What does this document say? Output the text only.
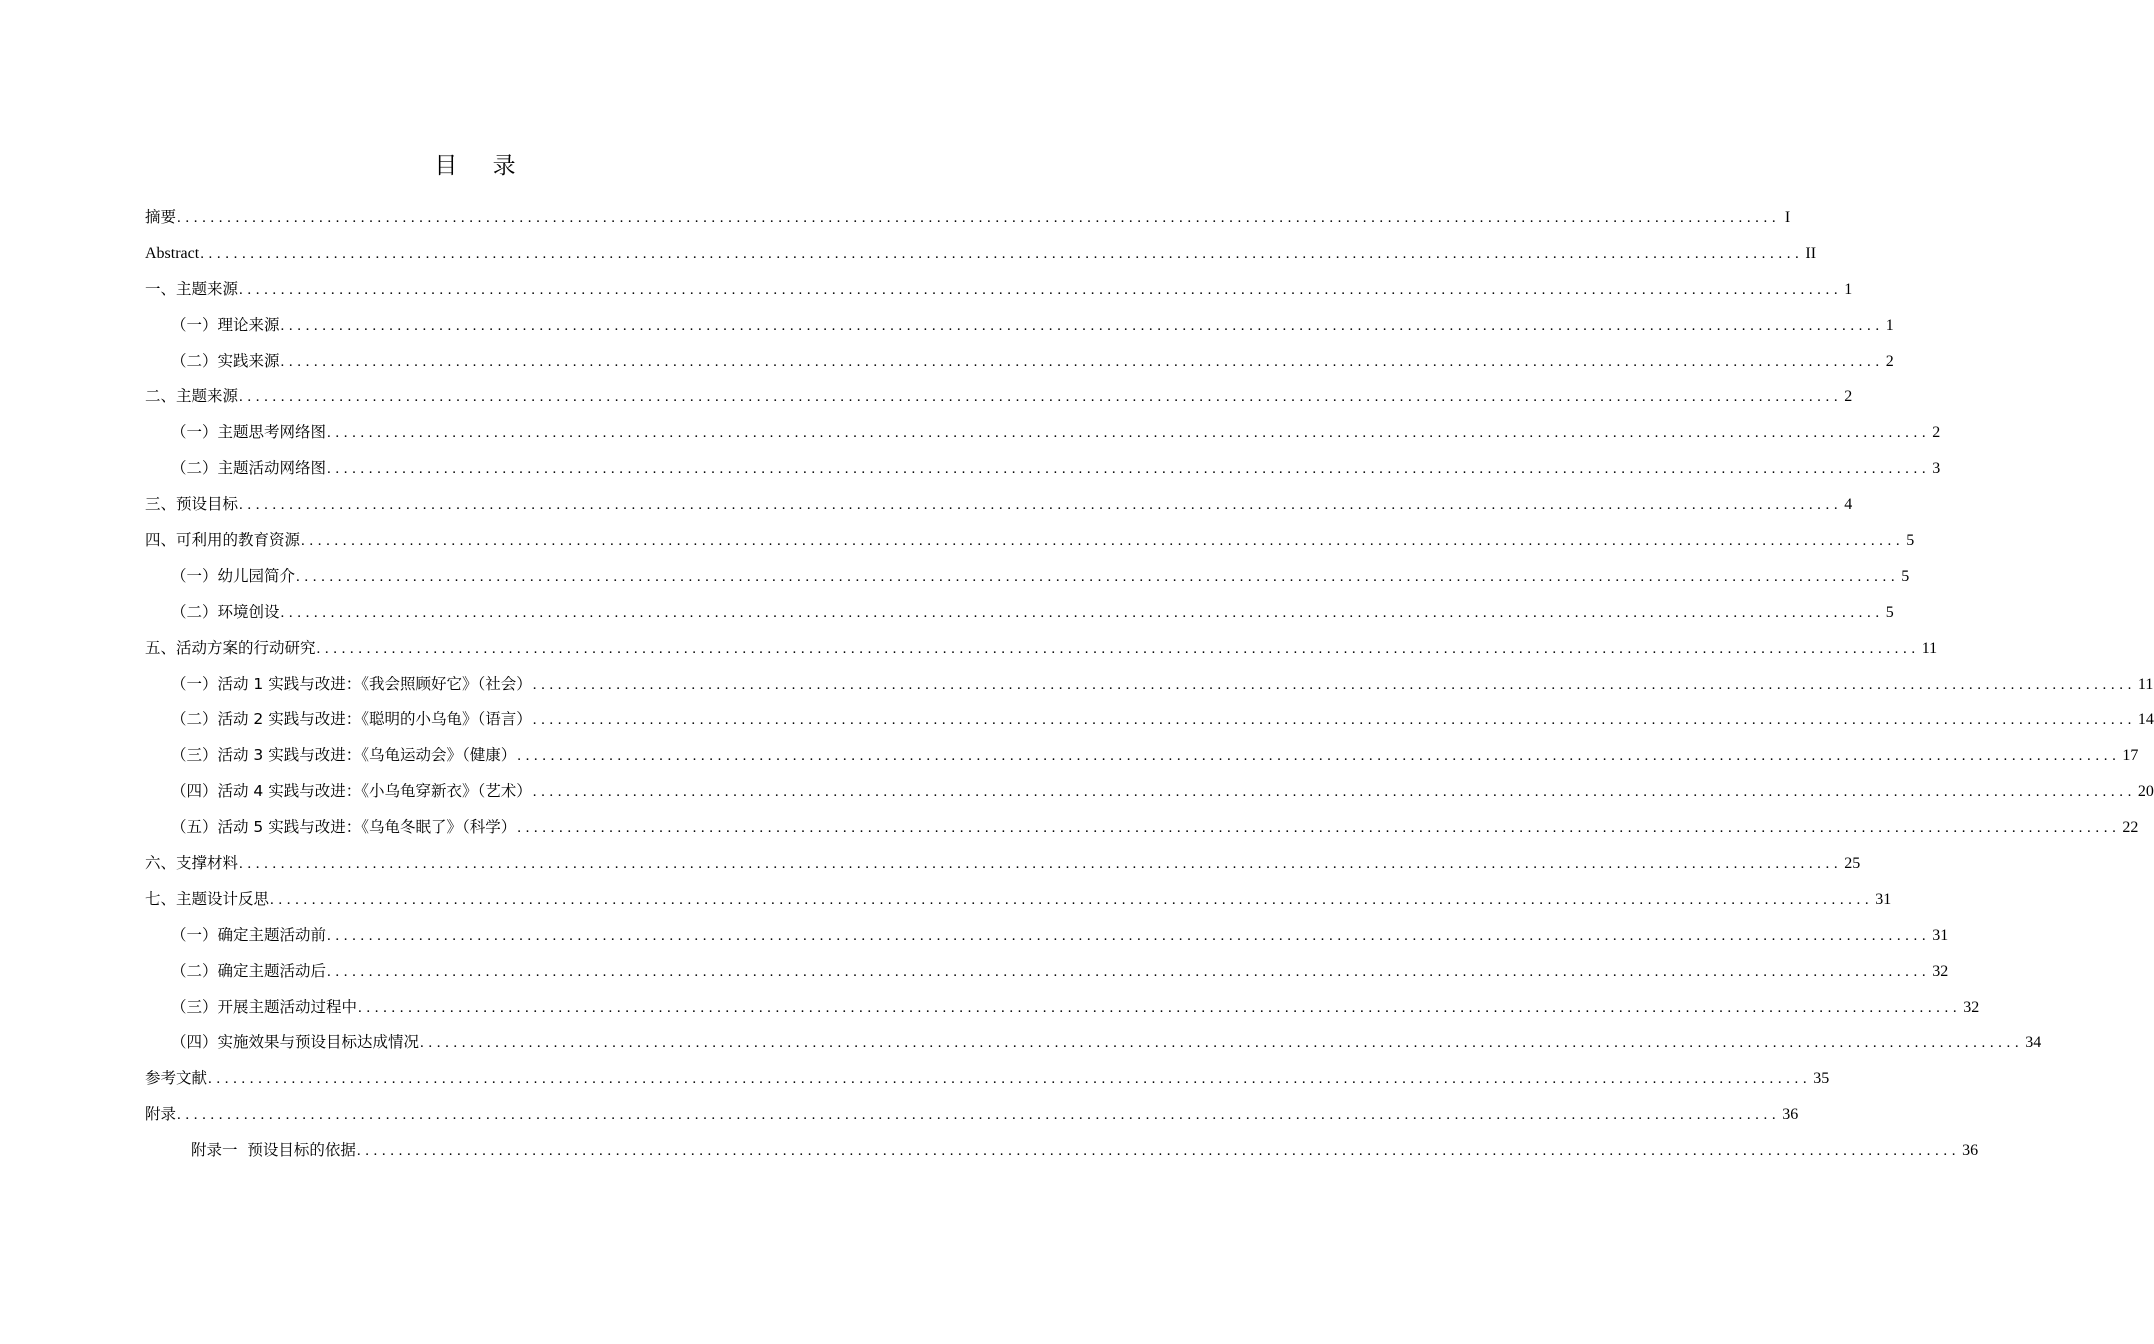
目 录
摘要 ................................................................................................................................................................................................ I
Abstract ................................................................................................................................................................................................ II
一、主题来源 ................................................................................................................................................................................................ 1
（一）理论来源 ................................................................................................................................................................................................ 1
（二）实践来源 ................................................................................................................................................................................................ 2
二、主题来源 ................................................................................................................................................................................................ 2
（一）主题思考网络图 ................................................................................................................................................................................................ 2
（二）主题活动网络图 ................................................................................................................................................................................................ 3
三、预设目标 ................................................................................................................................................................................................ 4
四、可利用的教育资源 ................................................................................................................................................................................................ 5
（一）幼儿园简介 ................................................................................................................................................................................................ 5
（二）环境创设 ................................................................................................................................................................................................ 5
五、活动方案的行动研究 ................................................................................................................................................................................................ 11
（一）活动 1 实践与改进：《我会照顾好它》（社会） ................................................................................................................................................................................................ 11
（二）活动 2 实践与改进：《聪明的小乌龟》（语言） ................................................................................................................................................................................................ 14
（三）活动 3 实践与改进：《乌龟运动会》（健康） ................................................................................................................................................................................................ 17
（四）活动 4 实践与改进：《小乌龟穿新衣》（艺术） ................................................................................................................................................................................................ 20
（五）活动 5 实践与改进：《乌龟冬眠了》（科学） ................................................................................................................................................................................................ 22
六、支撑材料 ................................................................................................................................................................................................ 25
七、主题设计反思 ................................................................................................................................................................................................ 31
（一）确定主题活动前 ................................................................................................................................................................................................ 31
（二）确定主题活动后 ................................................................................................................................................................................................ 32
（三）开展主题活动过程中 ................................................................................................................................................................................................ 32
（四）实施效果与预设目标达成情况 ................................................................................................................................................................................................ 34
参考文献 ................................................................................................................................................................................................ 35
附录 ................................................................................................................................................................................................ 36
附录一  预设目标的依据 ................................................................................................................................................................................................ 36
